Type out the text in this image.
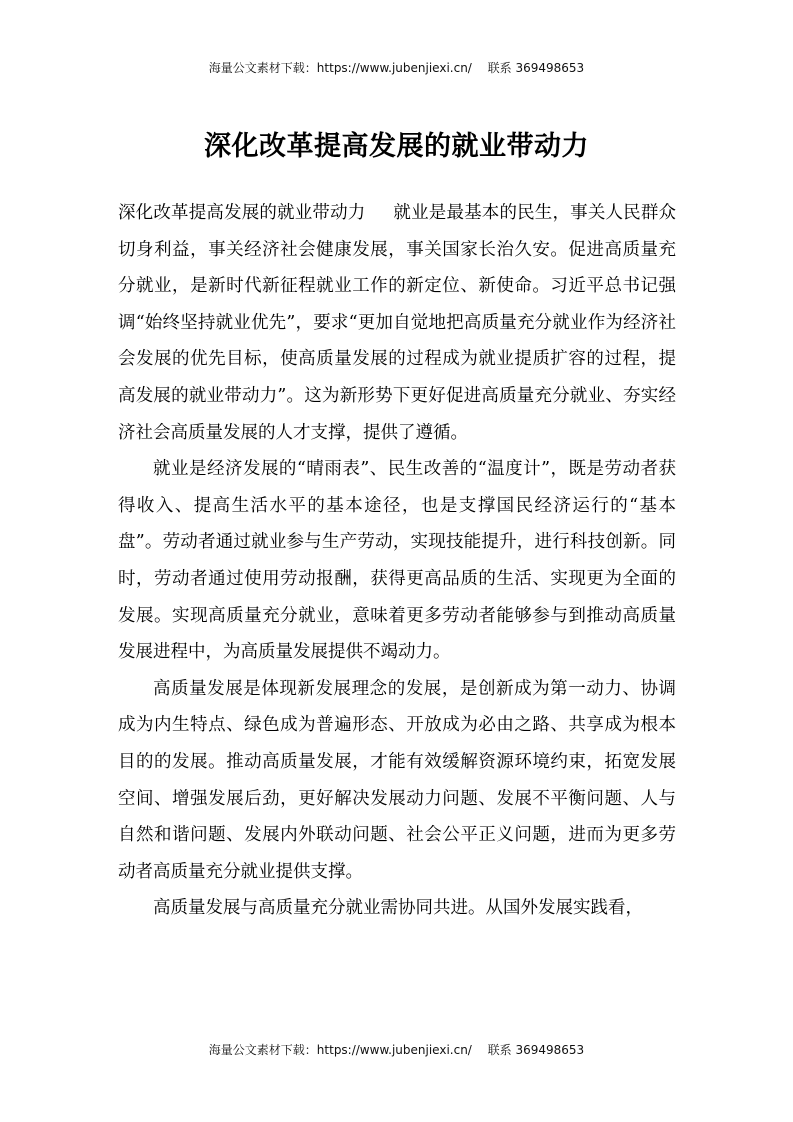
海量公文素材下载：https://www.jubenjiexi.cn/　 联系 369498653
深化改革提高发展的就业带动力

深化改革提高发展的就业带动力 就业是最基本的民生，事关人民群众切身利益，事关经济社会健康发展，事关国家长治久安。促进高质量充分就业，是新时代新征程就业工作的新定位、新使命。习近平总书记强调“始终坚持就业优先”，要求“更加自觉地把高质量充分就业作为经济社会发展的优先目标，使高质量发展的过程成为就业提质扩容的过程，提高发展的就业带动力”。这为新形势下更好促进高质量充分就业、夯实经济社会高质量发展的人才支撑，提供了遵循。

就业是经济发展的“晴雨表”、民生改善的“温度计”，既是劳动者获得收入、提高生活水平的基本途径，也是支撑国民经济运行的“基本盘”。劳动者通过就业参与生产劳动，实现技能提升，进行科技创新。同时，劳动者通过使用劳动报酬，获得更高品质的生活、实现更为全面的发展。实现高质量充分就业，意味着更多劳动者能够参与到推动高质量发展进程中，为高质量发展提供不竭动力。

高质量发展是体现新发展理念的发展，是创新成为第一动力、协调成为内生特点、绿色成为普遍形态、开放成为必由之路、共享成为根本目的的发展。推动高质量发展，才能有效缓解资源环境约束，拓宽发展空间、增强发展后劲，更好解决发展动力问题、发展不平衡问题、人与自然和谐问题、发展内外联动问题、社会公平正义问题，进而为更多劳动者高质量充分就业提供支撑。

高质量发展与高质量充分就业需协同共进。从国外发展实践看，

海量公文素材下载：https://www.jubenjiexi.cn/　 联系 369498653
